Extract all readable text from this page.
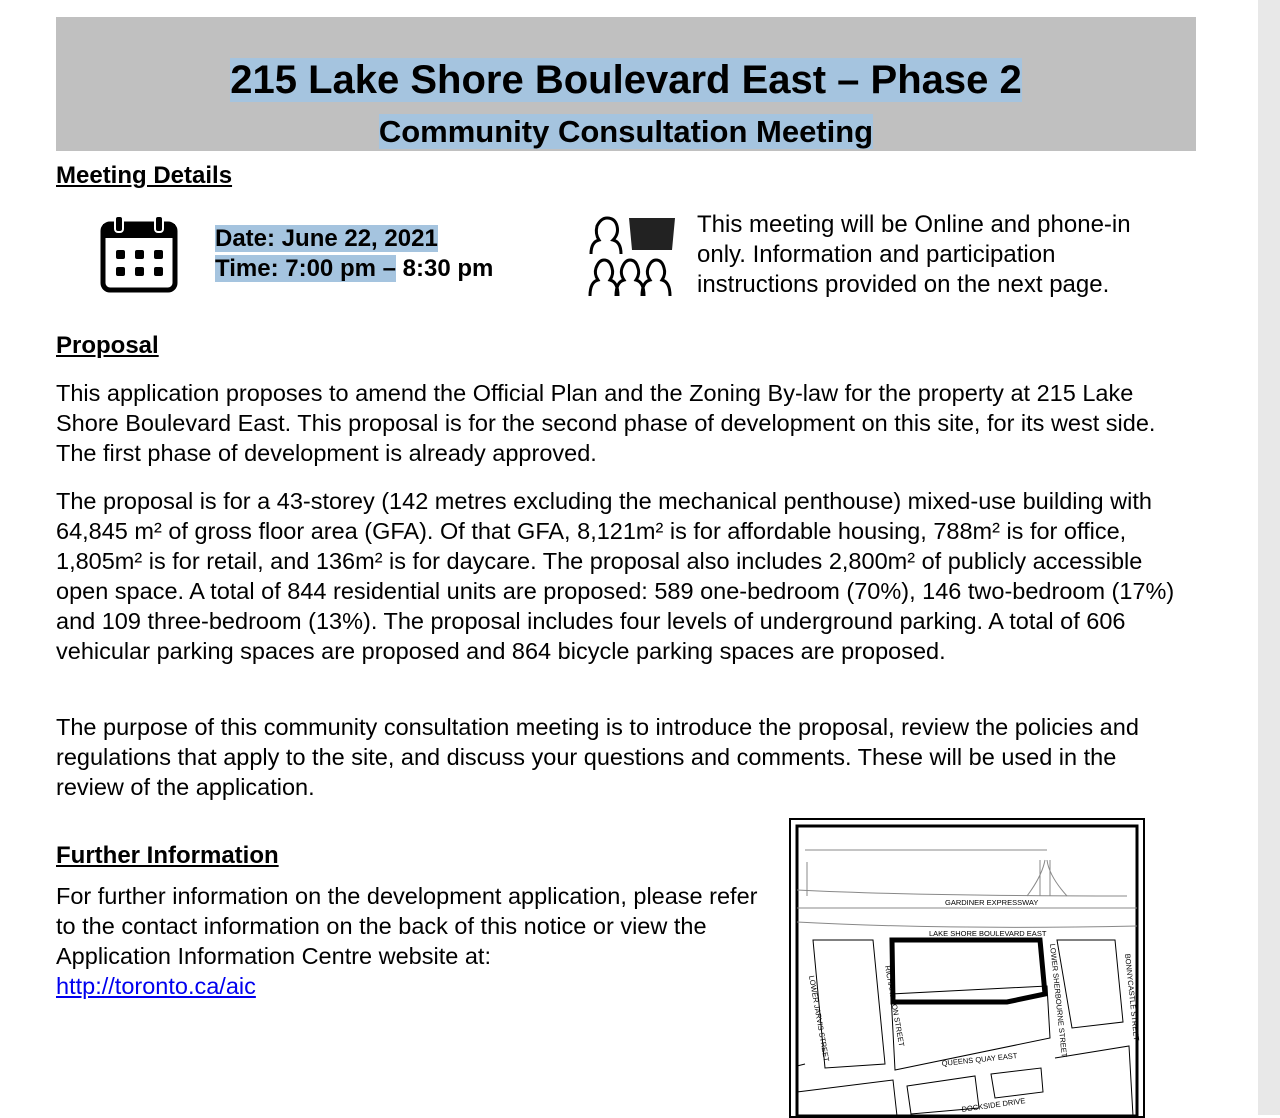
215 Lake Shore Boulevard East – Phase 2
Community Consultation Meeting
Meeting Details
Date: June 22, 2021
Time: 7:00 pm – 8:30 pm
This meeting will be Online and phone-in only. Information and participation instructions provided on the next page.
Proposal
This application proposes to amend the Official Plan and the Zoning By-law for the property at 215 Lake Shore Boulevard East. This proposal is for the second phase of development on this site, for its west side. The first phase of development is already approved.
The proposal is for a 43-storey (142 metres excluding the mechanical penthouse) mixed-use building with 64,845 m² of gross floor area (GFA). Of that GFA, 8,121m² is for affordable housing, 788m² is for office, 1,805m² is for retail, and 136m² is for daycare. The proposal also includes 2,800m² of publicly accessible open space. A total of 844 residential units are proposed: 589 one-bedroom (70%), 146 two-bedroom (17%) and 109 three-bedroom (13%). The proposal includes four levels of underground parking. A total of 606 vehicular parking spaces are proposed and 864 bicycle parking spaces are proposed.
The purpose of this community consultation meeting is to introduce the proposal, review the policies and regulations that apply to the site, and discuss your questions and comments. These will be used in the review of the application.
Further Information
For further information on the development application, please refer to the contact information on the back of this notice or view the Application Information Centre website at:
http://toronto.ca/aic
GARDINER EXPRESSWAY
LAKE SHORE BOULEVARD EAST
LOWER JARVIS STREET	RICHARDSON STREET	LOWER SHERBOURNE STREET	BONNYCASTLE STREET
QUEENS QUAY EAST
DOCKSIDE DRIVE
